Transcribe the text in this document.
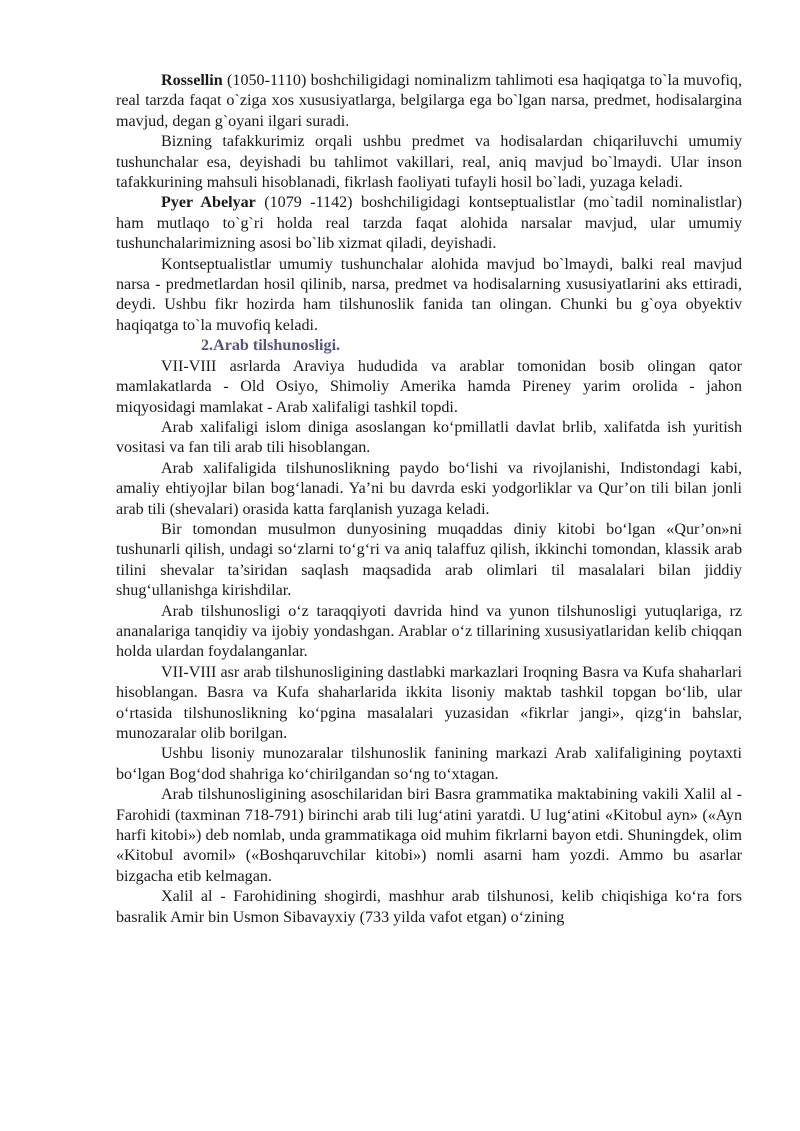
Rossellin (1050-1110) boshchiligidagi nominalizm tahlimoti esa haqiqatga to`la muvofiq, real tarzda faqat o`ziga xos xususiyatlarga, belgilarga ega bo`lgan narsa, predmet, hodisalargina mavjud, degan g`oyani ilgari suradi.

Bizning tafakkurimiz orqali ushbu predmet va hodisalardan chiqariluvchi umumiy tushunchalar esa, deyishadi bu tahlimot vakillari, real, aniq mavjud bo`lmaydi. Ular inson tafakkurining mahsuli hisoblanadi, fikrlash faoliyati tufayli hosil bo`ladi, yuzaga keladi.

Pyer Abelyar (1079 -1142) boshchiligidagi kontseptualistlar (mo`tadil nominalistlar) ham mutlaqo to`g`ri holda real tarzda faqat alohida narsalar mavjud, ular umumiy tushunchalarimizning asosi bo`lib xizmat qiladi, deyishadi.

Kontseptualistlar umumiy tushunchalar alohida mavjud bo`lmaydi, balki real mavjud narsa - predmetlardan hosil qilinib, narsa, predmet va hodisalarning xususiyatlarini aks ettiradi, deydi. Ushbu fikr hozirda ham tilshunoslik fanida tan olingan. Chunki bu g`oya obyektiv haqiqatga to`la muvofiq keladi.

2.Arab tilshunosligi.

VII-VIII asrlarda Araviya hududida va arablar tomonidan bosib olingan qator mamlakatlarda - Old Osiyo, Shimoliy Amerika hamda Pireney yarim orolida - jahon miqyosidagi mamlakat - Arab xalifaligi tashkil topdi.

Arab xalifaligi islom diniga asoslangan ko‘pmillatli davlat brlib, xalifatda ish yuritish vositasi va fan tili arab tili hisoblangan.

Arab xalifaligida tilshunoslikning paydo bo‘lishi va rivojlanishi, Ӏndistondagi kabi, amaliy ehtiyojlar bilan bog‘lanadi. Ya’ni bu davrda eski yodgorliklar va Qur’on tili bilan jonli arab tili (shevalari) orasida katta farqlanish yuzaga keladi.

Bir tomondan musulmon dunyosining muqaddas diniy kitobi bo‘lgan «Qur’on»ni tushunarli qilish, undagi so‘zlarni to‘g‘ri va aniq talaffuz qilish, ikkinchi tomondan, klassik arab tilini shevalar ta’siridan saqlash maqsadida arab olimlari til masalalari bilan jiddiy shug‘ullanishga kirishdilar.

Arab tilshunosligi o‘z taraqqiyoti davrida hind va yunon tilshunosligi yutuqlariga, rz ananalariga tanqidiy va ijobiy yondashgan. Arablar o‘z tillarining xususiyatlaridan kelib chiqqan holda ulardan foydalanganlar.

VII-VIII asr arab tilshunosligining dastlabki markazlari Iroqning Basra va Kufa shaharlari hisoblangan. Basra va Kufa shaharlarida ikkita lisoniy maktab tashkil topgan bo‘lib, ular o‘rtasida tilshunoslikning ko‘pgina masalalari yuzasidan «fikrlar jangi», qizg‘in bahslar, munozaralar olib borilgan.

Ushbu lisoniy munozaralar tilshunoslik fanining markazi Arab xalifaligining poytaxti bo‘lgan Bog‘dod shahriga ko‘chirilgandan so‘ng to‘xtagan.

Arab tilshunosligining asoschilaridan biri Basra grammatika maktabining vakili Xalil al - Farohidi (taxminan 718-791) birinchi arab tili lug‘atini yaratdi. U lug‘atini «Kitobul ayn» («Ayn harfi kitobi») deb nomlab, unda grammatikaga oid muhim fikrlarni bayon etdi. Shuningdek, olim «Kitobul avomil» («Boshqaruvchilar kitobi») nomli asarni ham yozdi. Ammo bu asarlar bizgacha etib kelmagan.

Xalil al - Farohidining shogirdi, mashhur arab tilshunosi, kelib chiqishiga ko‘ra fors basralik Amir bin Usmon Sibavayxiy (733 yilda vafot etgan) o‘zining
